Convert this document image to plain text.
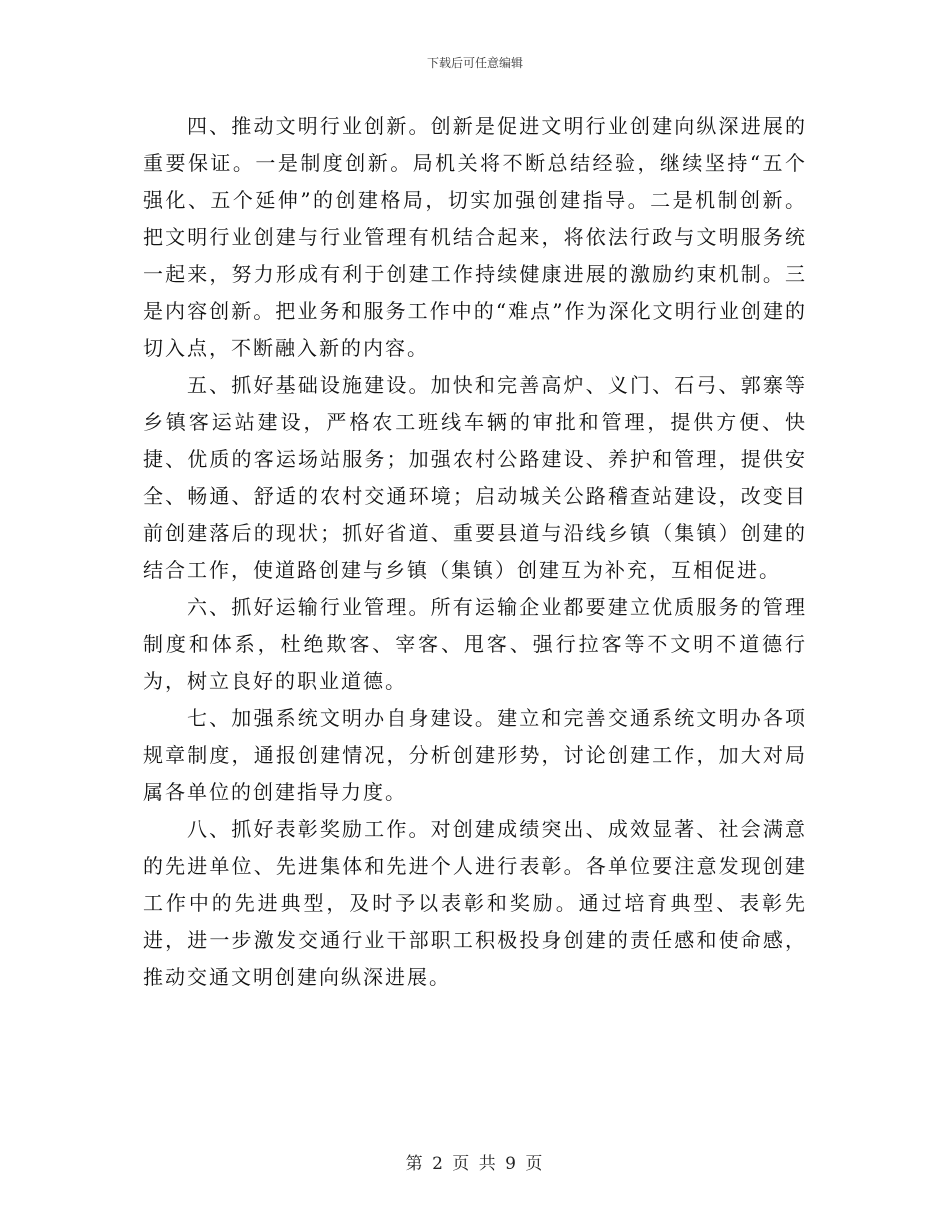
下载后可任意编辑

四、推动文明行业创新。创新是促进文明行业创建向纵深进展的重要保证。一是制度创新。局机关将不断总结经验，继续坚持“五个强化、五个延伸”的创建格局，切实加强创建指导。二是机制创新。把文明行业创建与行业管理有机结合起来，将依法行政与文明服务统一起来，努力形成有利于创建工作持续健康进展的激励约束机制。三是内容创新。把业务和服务工作中的“难点”作为深化文明行业创建的切入点，不断融入新的内容。

五、抓好基础设施建设。加快和完善高炉、义门、石弓、郭寨等乡镇客运站建设，严格农工班线车辆的审批和管理，提供方便、快捷、优质的客运场站服务；加强农村公路建设、养护和管理，提供安全、畅通、舒适的农村交通环境；启动城关公路稽查站建设，改变目前创建落后的现状；抓好省道、重要县道与沿线乡镇（集镇）创建的结合工作，使道路创建与乡镇（集镇）创建互为补充，互相促进。

六、抓好运输行业管理。所有运输企业都要建立优质服务的管理制度和体系，杜绝欺客、宰客、甩客、强行拉客等不文明不道德行为，树立良好的职业道德。

七、加强系统文明办自身建设。建立和完善交通系统文明办各项规章制度，通报创建情况，分析创建形势，讨论创建工作，加大对局属各单位的创建指导力度。

八、抓好表彰奖励工作。对创建成绩突出、成效显著、社会满意的先进单位、先进集体和先进个人进行表彰。各单位要注意发现创建工作中的先进典型，及时予以表彰和奖励。通过培育典型、表彰先进，进一步激发交通行业干部职工积极投身创建的责任感和使命感，推动交通文明创建向纵深进展。

第 2 页 共 9 页
